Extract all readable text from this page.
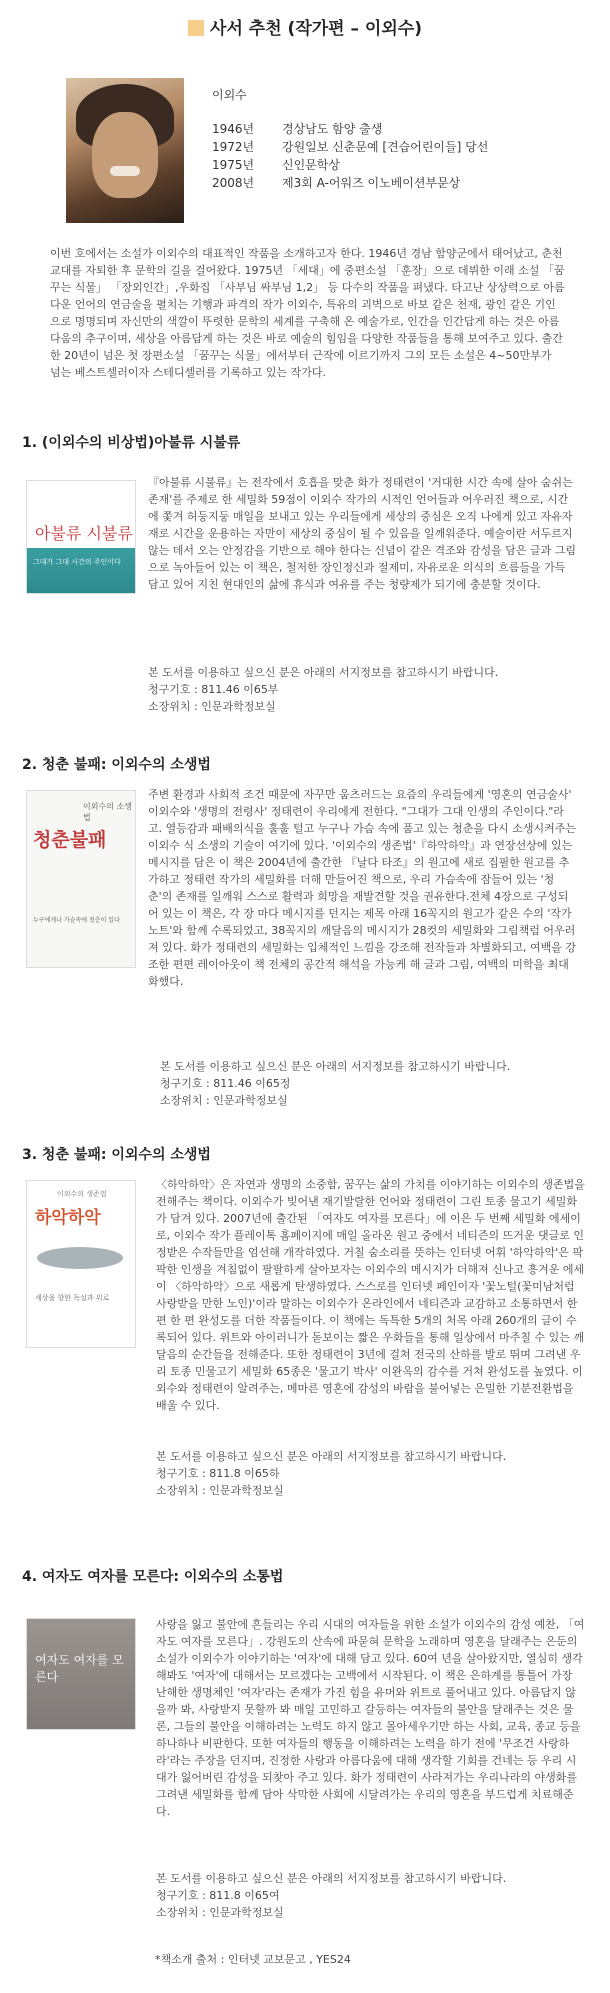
사서 추천 (작가편 – 이외수)
이외수
1946년	경상남도 함양 출생
1972년	강원일보 신춘문예 [견습어린이들] 당선
1975년	신인문학상
2008년	제3회 A-어워즈 이노베이션부문상

이번 호에서는 소설가 이외수의 대표적인 작품을 소개하고자 한다. 1946년 경남 함양군에서 태어났고, 춘천교대를 자퇴한 후 문학의 길을 걸어왔다. 1975년 「세대」에 중편소설 「훈장」으로 데뷔한 이래 소설 「꿈꾸는 식물」 「장외인간」,우화집 「사부님 싸부님 1,2」 등 다수의 작품을 펴냈다. 타고난 상상력으로 아름다운 언어의 연금술을 펼치는 기행과 파격의 작가 이외수, 특유의 괴벽으로 바보 같은 천재, 광인 같은 기인으로 명명되며 자신만의 색깔이 뚜렷한 문학의 세계를 구축해 온 예술가로, 인간을 인간답게 하는 것은 아름다움의 추구이며, 세상을 아름답게 하는 것은 바로 예술의 힘임을 다양한 작품들을 통해 보여주고 있다. 출간한 20년이 넘은 첫 장편소설 「꿈꾸는 식물」에서부터 근작에 이르기까지 그의 모든 소설은 4~50만부가 넘는 베스트셀러이자 스테디셀러를 기록하고 있는 작가다.

1. (이외수의 비상법)아불류 시불류
아불류 시불류
그대가 그대 시간의 주인이다

『아불류 시불류』는 전작에서 호흡을 맞춘 화가 정태련이 '거대한 시간 속에 살아 숨쉬는 존재'를 주제로 한 세밀화 59점이 이외수 작가의 시적인 언어들과 어우러진 책으로, 시간에 쫓겨 허둥지둥 매일을 보내고 있는 우리들에게 세상의 중심은 오직 나에게 있고 자유자재로 시간을 운용하는 자만이 세상의 중심이 될 수 있음을 일깨워준다. 예술이란 서두르지 않는 데서 오는 안정감을 기반으로 해야 한다는 신념이 같은 격조와 감성을 담은 글과 그림으로 녹아들어 있는 이 책은, 철저한 장인정신과 절제미, 자유로운 의식의 흐름들을 가득 담고 있어 지친 현대인의 삶에 휴식과 여유를 주는 청량제가 되기에 충분할 것이다.

본 도서를 이용하고 싶으신 분은 아래의 서지정보를 참고하시기 바랍니다.
청구기호 : 811.46 이65부
소장위치 : 인문과학정보실
2. 청춘 불패: 이외수의 소생법
이외수의 소생법
청춘불패
누구에게나 가슴속에 청춘이 있다

주변 환경과 사회적 조건 때문에 자꾸만 움츠러드는 요즘의 우리들에게 '영혼의 연금술사' 이외수와 '생명의 전령사' 정태련이 우리에게 전한다. "그대가 그대 인생의 주인이다."라고. 열등감과 패배의식을 훌훌 털고 누구나 가슴 속에 품고 있는 청춘을 다시 소생시켜주는 이외수 식 소생의 기술이 여기에 있다. '이외수의 생존법'『하악하악』과 연장선상에 있는 메시지를 담은 이 책은 2004년에 출간한 『날다 타조』의 원고에 새로 집필한 원고를 추가하고 정태련 작가의 세밀화를 더해 만들어진 책으로, 우리 가슴속에 잠들어 있는 '청춘'의 존재를 일깨워 스스로 활력과 희망을 재발견할 것을 권유한다.전체 4장으로 구성되어 있는 이 책은, 각 장 마다 메시지를 던지는 제목 아래 16꼭지의 원고가 같은 수의 '작가 노트'와 함께 수록되었고, 38꼭지의 깨달음의 메시지가 28컷의 세밀화와 그림책럼 어우러져 있다. 화가 정태련의 세밀화는 입체적인 느낌을 강조해 전작들과 차별화되고, 여백을 강조한 편편 레이아웃이 책 전체의 공간적 해석을 가능케 해 글과 그림, 여백의 미학을 최대화했다.

본 도서를 이용하고 싶으신 분은 아래의 서지정보를 참고하시기 바랍니다.
청구기호 : 811.46 이65정
소장위치 : 인문과학정보실
3. 청춘 불패: 이외수의 소생법
이외수의 생존법
하악하악
세상을 향한 독설과 위로

〈하악하악〉은 자연과 생명의 소중함, 꿈꾸는 삶의 가치를 이야기하는 이외수의 생존법을 전해주는 책이다. 이외수가 빚어낸 재기발랄한 언어와 정태련이 그린 토종 물고기 세밀화가 담겨 있다. 2007년에 출간된 「여자도 여자를 모른다」에 이은 두 번째 세밀화 에세이로, 이외수 작가 플레이톡 홈페이지에 매일 올라온 원고 중에서 네티즌의 뜨거운 댓글로 인정받은 수작들만을 엄선해 개작하였다. 거칠 숨소리를 뜻하는 인터넷 어휘 '하악하악'은 팍팍한 인생을 겨침없이 팔팔하게 살아보자는 이외수의 메시지가 더해져 신나고 흥겨운 에세이 〈하악하악〉으로 새롭게 탄생하였다. 스스로를 인터넷 페인이자 '꽃노털(꽃미남처럼 사랑받을 만한 노인)'이라 말하는 이외수가 온라인에서 네티즌과 교감하고 소통하면서 한 편 한 편 완성도를 더한 작품들이다. 이 책에는 독특한 5개의 처목 아래 260개의 글이 수록되어 있다. 위트와 아이러니가 돋보이는 짧은 우화들을 통해 일상에서 마주칠 수 있는 깨달음의 순간들을 전해준다. 또한 정태련이 3년에 걸쳐 전국의 산하를 발로 뛰며 그려낸 우리 토종 민물고기 세밀화 65종은 '물고기 박사' 이완옥의 감수를 거쳐 완성도를 높였다. 이외수와 정태련이 알려주는, 메마른 영혼에 감성의 바람을 불어넣는 은밀한 기분전환법을 배울 수 있다.

본 도서를 이용하고 싶으신 분은 아래의 서지정보를 참고하시기 바랍니다.
청구기호 : 811.8 이65하
소장위치 : 인문과학정보실
4. 여자도 여자를 모른다: 이외수의 소통법
여자도 여자를 모른다

사랑을 잃고 불안에 흔들리는 우리 시대의 여자들을 위한 소설가 이외수의 감성 예찬, 「여자도 여자를 모른다」. 강원도의 산속에 파묻혀 문학을 노래하며 영혼을 달래주는 은둔의 소설가 이외수가 이야기하는 '여자'에 대해 담고 있다. 60여 년을 살아왔지만, 열심히 생각해봐도 '여자'에 대해서는 모르겠다는 고백에서 시작된다. 이 책은 은하계를 통틀어 가장 난해한 생명체인 '여자'라는 존재가 가진 힘을 유머와 위트로 풀어내고 있다. 아름답지 않을까 봐, 사랑받지 못할까 봐 매일 고민하고 갈등하는 여자들의 불안을 달래주는 것은 물론, 그들의 불안을 이해하려는 노력도 하지 않고 몰아세우기만 하는 사회, 교육, 종교 등을 하나하나 비판한다. 또한 여자들의 행동을 이해하려는 노력을 하기 전에 '무조건 사랑하라'라는 주장을 던지며, 진정한 사랑과 아름다움에 대해 생각할 기회를 건네는 등 우리 시대가 잃어버린 감성을 되찾아 주고 있다. 화가 정태련이 사라져가는 우리나라의 야생화를 그려낸 세밀화를 함께 담아 삭막한 사회에 시달려가는 우리의 영혼을 부드럽게 치료해준다.

본 도서를 이용하고 싶으신 분은 아래의 서지정보를 참고하시기 바랍니다.
청구기호 : 811.8 이65여
소장위치 : 인문과학정보실
*책소개 출처 : 인터넷 교보문고 , YES24
